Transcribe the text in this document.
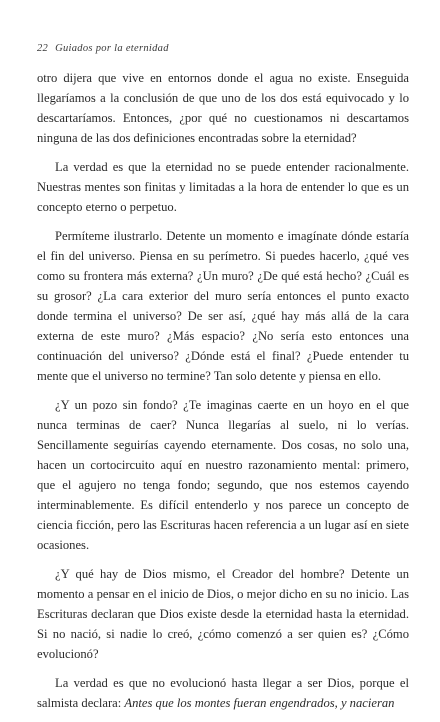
22 Guiados por la eternidad

otro dijera que vive en entornos donde el agua no existe. Enseguida llegaríamos a la conclusión de que uno de los dos está equivocado y lo descartaríamos. Entonces, ¿por qué no cuestionamos ni descartamos ninguna de las dos definiciones encontradas sobre la eternidad?

La verdad es que la eternidad no se puede entender racionalmente. Nuestras mentes son finitas y limitadas a la hora de entender lo que es un concepto eterno o perpetuo.

Permíteme ilustrarlo. Detente un momento e imagínate dónde estaría el fin del universo. Piensa en su perímetro. Si puedes hacerlo, ¿qué ves como su frontera más externa? ¿Un muro? ¿De qué está hecho? ¿Cuál es su grosor? ¿La cara exterior del muro sería entonces el punto exacto donde termina el universo? De ser así, ¿qué hay más allá de la cara externa de este muro? ¿Más espacio? ¿No sería esto entonces una continuación del universo? ¿Dónde está el final? ¿Puede entender tu mente que el universo no termine? Tan solo detente y piensa en ello.

¿Y un pozo sin fondo? ¿Te imaginas caerte en un hoyo en el que nunca terminas de caer? Nunca llegarías al suelo, ni lo verías. Sencillamente seguirías cayendo eternamente. Dos cosas, no solo una, hacen un cortocircuito aquí en nuestro razonamiento mental: primero, que el agujero no tenga fondo; segundo, que nos estemos cayendo interminablemente. Es difícil entenderlo y nos parece un concepto de ciencia ficción, pero las Escrituras hacen referencia a un lugar así en siete ocasiones.

¿Y qué hay de Dios mismo, el Creador del hombre? Detente un momento a pensar en el inicio de Dios, o mejor dicho en su no inicio. Las Escrituras declaran que Dios existe desde la eternidad hasta la eternidad. Si no nació, si nadie lo creó, ¿cómo comenzó a ser quien es? ¿Cómo evolucionó?

La verdad es que no evolucionó hasta llegar a ser Dios, porque el salmista declara: Antes que los montes fueran engendrados, y nacieran
